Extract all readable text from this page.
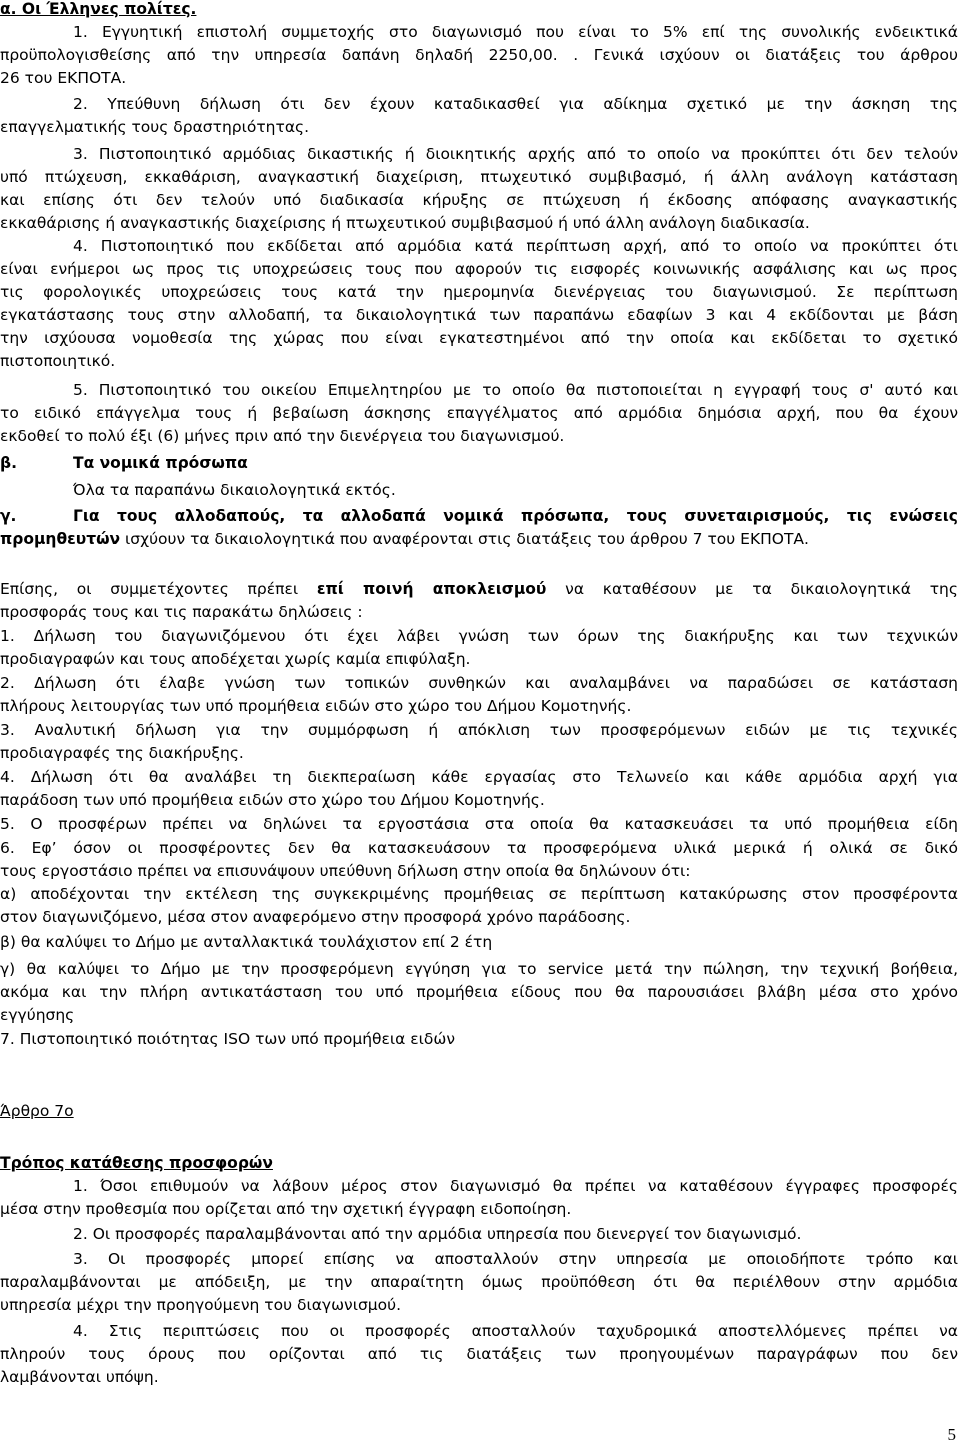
α. Οι Έλληνες πολίτες.
1. Εγγυητική επιστολή συμμετοχής στο διαγωνισμό που είναι το 5% επί της συνολικής ενδεικτικά
προϋπολογισθείσης από την υπηρεσία δαπάνη δηλαδή 2250,00. . Γενικά ισχύουν οι διατάξεις του άρθρου
26 του ΕΚΠΟΤΑ.
2. Υπεύθυνη δήλωση ότι δεν έχουν καταδικασθεί για αδίκημα σχετικό με την άσκηση της
επαγγελματικής τους δραστηριότητας.
3. Πιστοποιητικό αρμόδιας δικαστικής ή διοικητικής αρχής από το οποίο να προκύπτει ότι δεν τελούν
υπό πτώχευση, εκκαθάριση, αναγκαστική διαχείριση, πτωχευτικό συμβιβασμό, ή άλλη ανάλογη κατάσταση
και επίσης ότι δεν τελούν υπό διαδικασία κήρυξης σε πτώχευση ή έκδοσης απόφασης αναγκαστικής
εκκαθάρισης ή αναγκαστικής διαχείρισης ή πτωχευτικού συμβιβασμού ή υπό άλλη ανάλογη διαδικασία.
4. Πιστοποιητικό που εκδίδεται από αρμόδια κατά περίπτωση αρχή, από το οποίο να προκύπτει ότι
είναι ενήμεροι ως προς τις υποχρεώσεις τους που αφορούν τις εισφορές κοινωνικής ασφάλισης και ως προς
τις φορολογικές υποχρεώσεις τους κατά την ημερομηνία διενέργειας του διαγωνισμού. Σε περίπτωση
εγκατάστασης τους στην αλλοδαπή, τα δικαιολογητικά των παραπάνω εδαφίων 3 και 4 εκδίδονται με βάση
την ισχύουσα νομοθεσία της χώρας που είναι εγκατεστημένοι από την οποία και εκδίδεται το σχετικό
πιστοποιητικό.
5. Πιστοποιητικό του οικείου Επιμελητηρίου με το οποίο θα πιστοποιείται η εγγραφή τους σ' αυτό και
το ειδικό επάγγελμα τους ή βεβαίωση άσκησης επαγγέλματος από αρμόδια δημόσια αρχή, που θα έχουν
εκδοθεί το πολύ έξι (6) μήνες πριν από την διενέργεια του διαγωνισμού.
β.	Τα νομικά πρόσωπα
Όλα τα παραπάνω δικαιολογητικά εκτός.
γ.	Για τους αλλοδαπούς, τα αλλοδαπά νομικά πρόσωπα, τους συνεταιρισμούς, τις ενώσεις
προμηθευτών ισχύουν τα δικαιολογητικά που αναφέρονται στις διατάξεις του άρθρου 7 του ΕΚΠΟΤΑ.
Επίσης, οι συμμετέχοντες πρέπει επί ποινή αποκλεισμού να καταθέσουν με τα δικαιολογητικά της
προσφοράς τους και τις παρακάτω δηλώσεις :
1. Δήλωση του διαγωνιζόμενου ότι έχει λάβει γνώση των όρων της διακήρυξης και των τεχνικών
προδιαγραφών και τους αποδέχεται χωρίς καμία επιφύλαξη.
2. Δήλωση ότι έλαβε γνώση των τοπικών συνθηκών και αναλαμβάνει να παραδώσει σε κατάσταση
πλήρους λειτουργίας των υπό προμήθεια ειδών στο χώρο του Δήμου Κομοτηνής.
3. Αναλυτική δήλωση για την συμμόρφωση ή απόκλιση των προσφερόμενων ειδών με τις τεχνικές
προδιαγραφές της διακήρυξης.
4. Δήλωση ότι θα αναλάβει τη διεκπεραίωση κάθε εργασίας στο Τελωνείο και κάθε αρμόδια αρχή για
παράδοση των υπό προμήθεια ειδών στο χώρο του Δήμου Κομοτηνής.
5. Ο προσφέρων πρέπει να δηλώνει τα εργοστάσια στα οποία θα κατασκευάσει τα υπό προμήθεια είδη
6. Εφ’ όσον οι προσφέροντες δεν θα κατασκευάσουν τα προσφερόμενα υλικά μερικά ή ολικά σε δικό
τους εργοστάσιο πρέπει να επισυνάψουν υπεύθυνη δήλωση στην οποία θα δηλώνουν ότι:
α) αποδέχονται την εκτέλεση της συγκεκριμένης προμήθειας σε περίπτωση κατακύρωσης στον προσφέροντα
στον διαγωνιζόμενο, μέσα στον αναφερόμενο στην προσφορά χρόνο παράδοσης.
β) θα καλύψει το Δήμο με ανταλλακτικά τουλάχιστον επί 2 έτη
γ) θα καλύψει το Δήμο με την προσφερόμενη εγγύηση για το service μετά την πώληση, την τεχνική βοήθεια,
ακόμα και την πλήρη αντικατάσταση του υπό προμήθεια είδους που θα παρουσιάσει βλάβη μέσα στο χρόνο
εγγύησης
7. Πιστοποιητικό ποιότητας ISO των υπό προμήθεια ειδών
Άρθρο 7ο
Τρόπος κατάθεσης προσφορών
1. Όσοι επιθυμούν να λάβουν μέρος στον διαγωνισμό θα πρέπει να καταθέσουν έγγραφες προσφορές
μέσα στην προθεσμία που ορίζεται από την σχετική έγγραφη ειδοποίηση.
2. Οι προσφορές παραλαμβάνονται από την αρμόδια υπηρεσία που διενεργεί τον διαγωνισμό.
3. Οι προσφορές μπορεί επίσης να αποσταλλούν στην υπηρεσία με οποιοδήποτε τρόπο και
παραλαμβάνονται με απόδειξη, με την απαραίτητη όμως προϋπόθεση ότι θα περιέλθουν στην αρμόδια
υπηρεσία μέχρι την προηγούμενη του διαγωνισμού.
4. Στις περιπτώσεις που οι προσφορές αποσταλλούν ταχυδρομικά αποστελλόμενες πρέπει να
πληρούν τους όρους που ορίζονται από τις διατάξεις των προηγουμένων παραγράφων που δεν
λαμβάνονται υπόψη.
5
